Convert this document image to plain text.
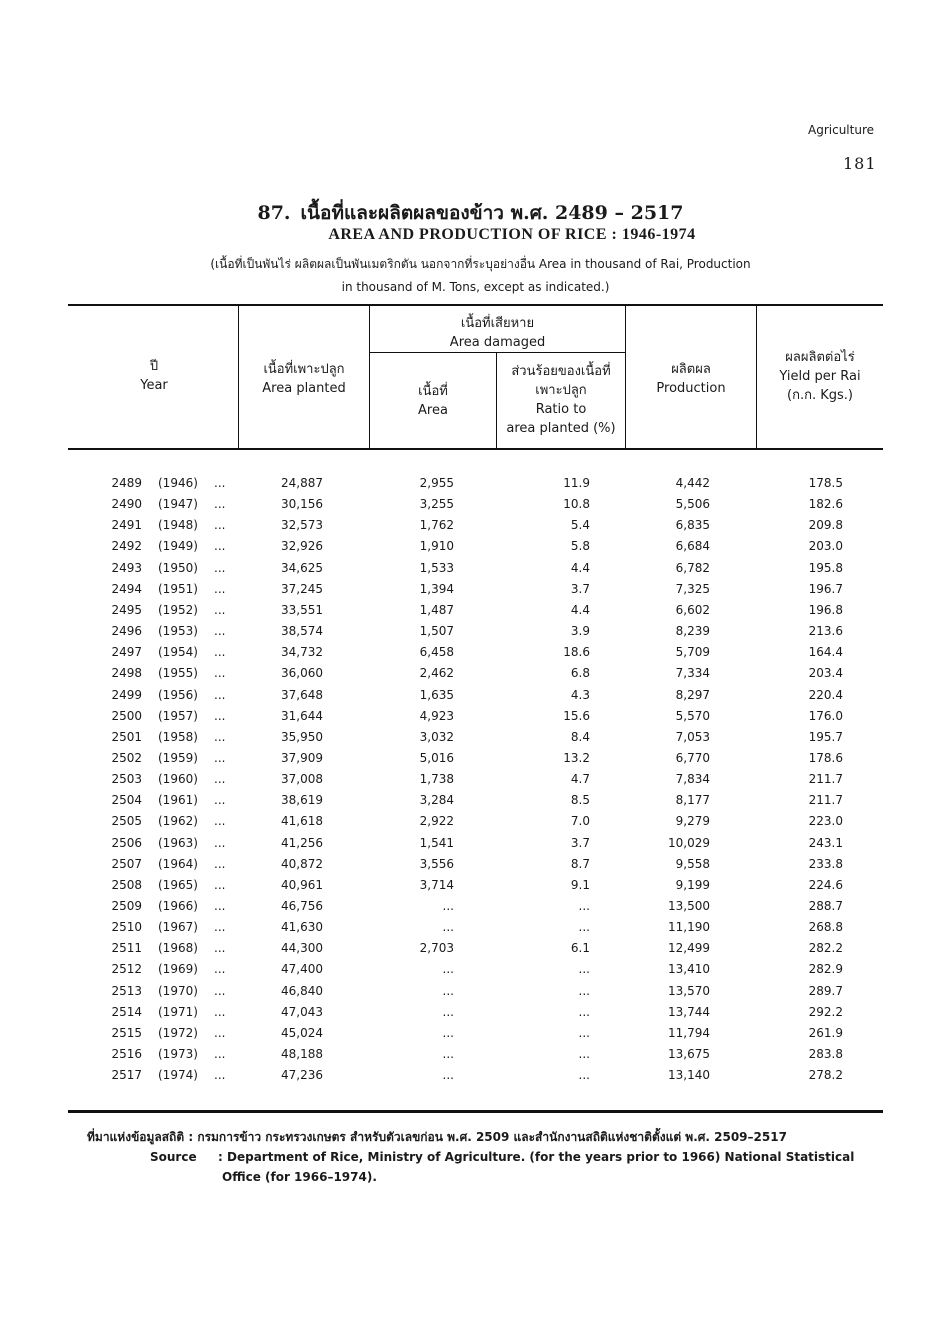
Agriculture
181
87. เนื้อที่และผลิตผลของข้าว พ.ศ. 2489 – 2517
AREA AND PRODUCTION OF RICE : 1946-1974
(เนื้อที่เป็นพันไร่ ผลิตผลเป็นพันเมตริกตัน นอกจากที่ระบุอย่างอื่น Area in thousand of Rai, Production
in thousand of M. Tons, except as indicated.)
ปี
Year
เนื้อที่เพาะปลูก
Area planted
เนื้อที่เสียหาย
Area damaged
เนื้อที่
Area
ส่วนร้อยของเนื้อที่
เพาะปลูก
Ratio to
area planted (%)
ผลิตผล
Production
ผลผลิตต่อไร่
Yield per Rai
(ก.ก. Kgs.)
2489 (1946)	...	24,887	2,955	11.9	4,442	178.5
2490 (1947)	...	30,156	3,255	10.8	5,506	182.6
2491 (1948)	...	32,573	1,762	5.4	6,835	209.8
2492 (1949)	...	32,926	1,910	5.8	6,684	203.0
2493 (1950)	...	34,625	1,533	4.4	6,782	195.8
2494 (1951)	...	37,245	1,394	3.7	7,325	196.7
2495 (1952)	...	33,551	1,487	4.4	6,602	196.8
2496 (1953)	...	38,574	1,507	3.9	8,239	213.6
2497 (1954)	...	34,732	6,458	18.6	5,709	164.4
2498 (1955)	...	36,060	2,462	6.8	7,334	203.4
2499 (1956)	...	37,648	1,635	4.3	8,297	220.4
2500 (1957)	...	31,644	4,923	15.6	5,570	176.0
2501 (1958)	...	35,950	3,032	8.4	7,053	195.7
2502 (1959)	...	37,909	5,016	13.2	6,770	178.6
2503 (1960)	...	37,008	1,738	4.7	7,834	211.7
2504 (1961)	...	38,619	3,284	8.5	8,177	211.7
2505 (1962)	...	41,618	2,922	7.0	9,279	223.0
2506 (1963)	...	41,256	1,541	3.7	10,029	243.1
2507 (1964)	...	40,872	3,556	8.7	9,558	233.8
2508 (1965)	...	40,961	3,714	9.1	9,199	224.6
2509 (1966)	...	46,756	...	...	13,500	288.7
2510 (1967)	...	41,630	...	...	11,190	268.8
2511 (1968)	...	44,300	2,703	6.1	12,499	282.2
2512 (1969)	...	47,400	...	...	13,410	282.9
2513 (1970)	...	46,840	...	...	13,570	289.7
2514 (1971)	...	47,043	...	...	13,744	292.2
2515 (1972)	...	45,024	...	...	11,794	261.9
2516 (1973)	...	48,188	...	...	13,675	283.8
2517 (1974)	...	47,236	...	...	13,140	278.2
ที่มาแห่งข้อมูลสถิติ : กรมการข้าว กระทรวงเกษตร สำหรับตัวเลขก่อน พ.ศ. 2509 และสำนักงานสถิติแห่งชาติตั้งแต่ พ.ศ. 2509–2517
Source : Department of Rice, Ministry of Agriculture. (for the years prior to 1966) National Statistical
Office (for 1966–1974).
